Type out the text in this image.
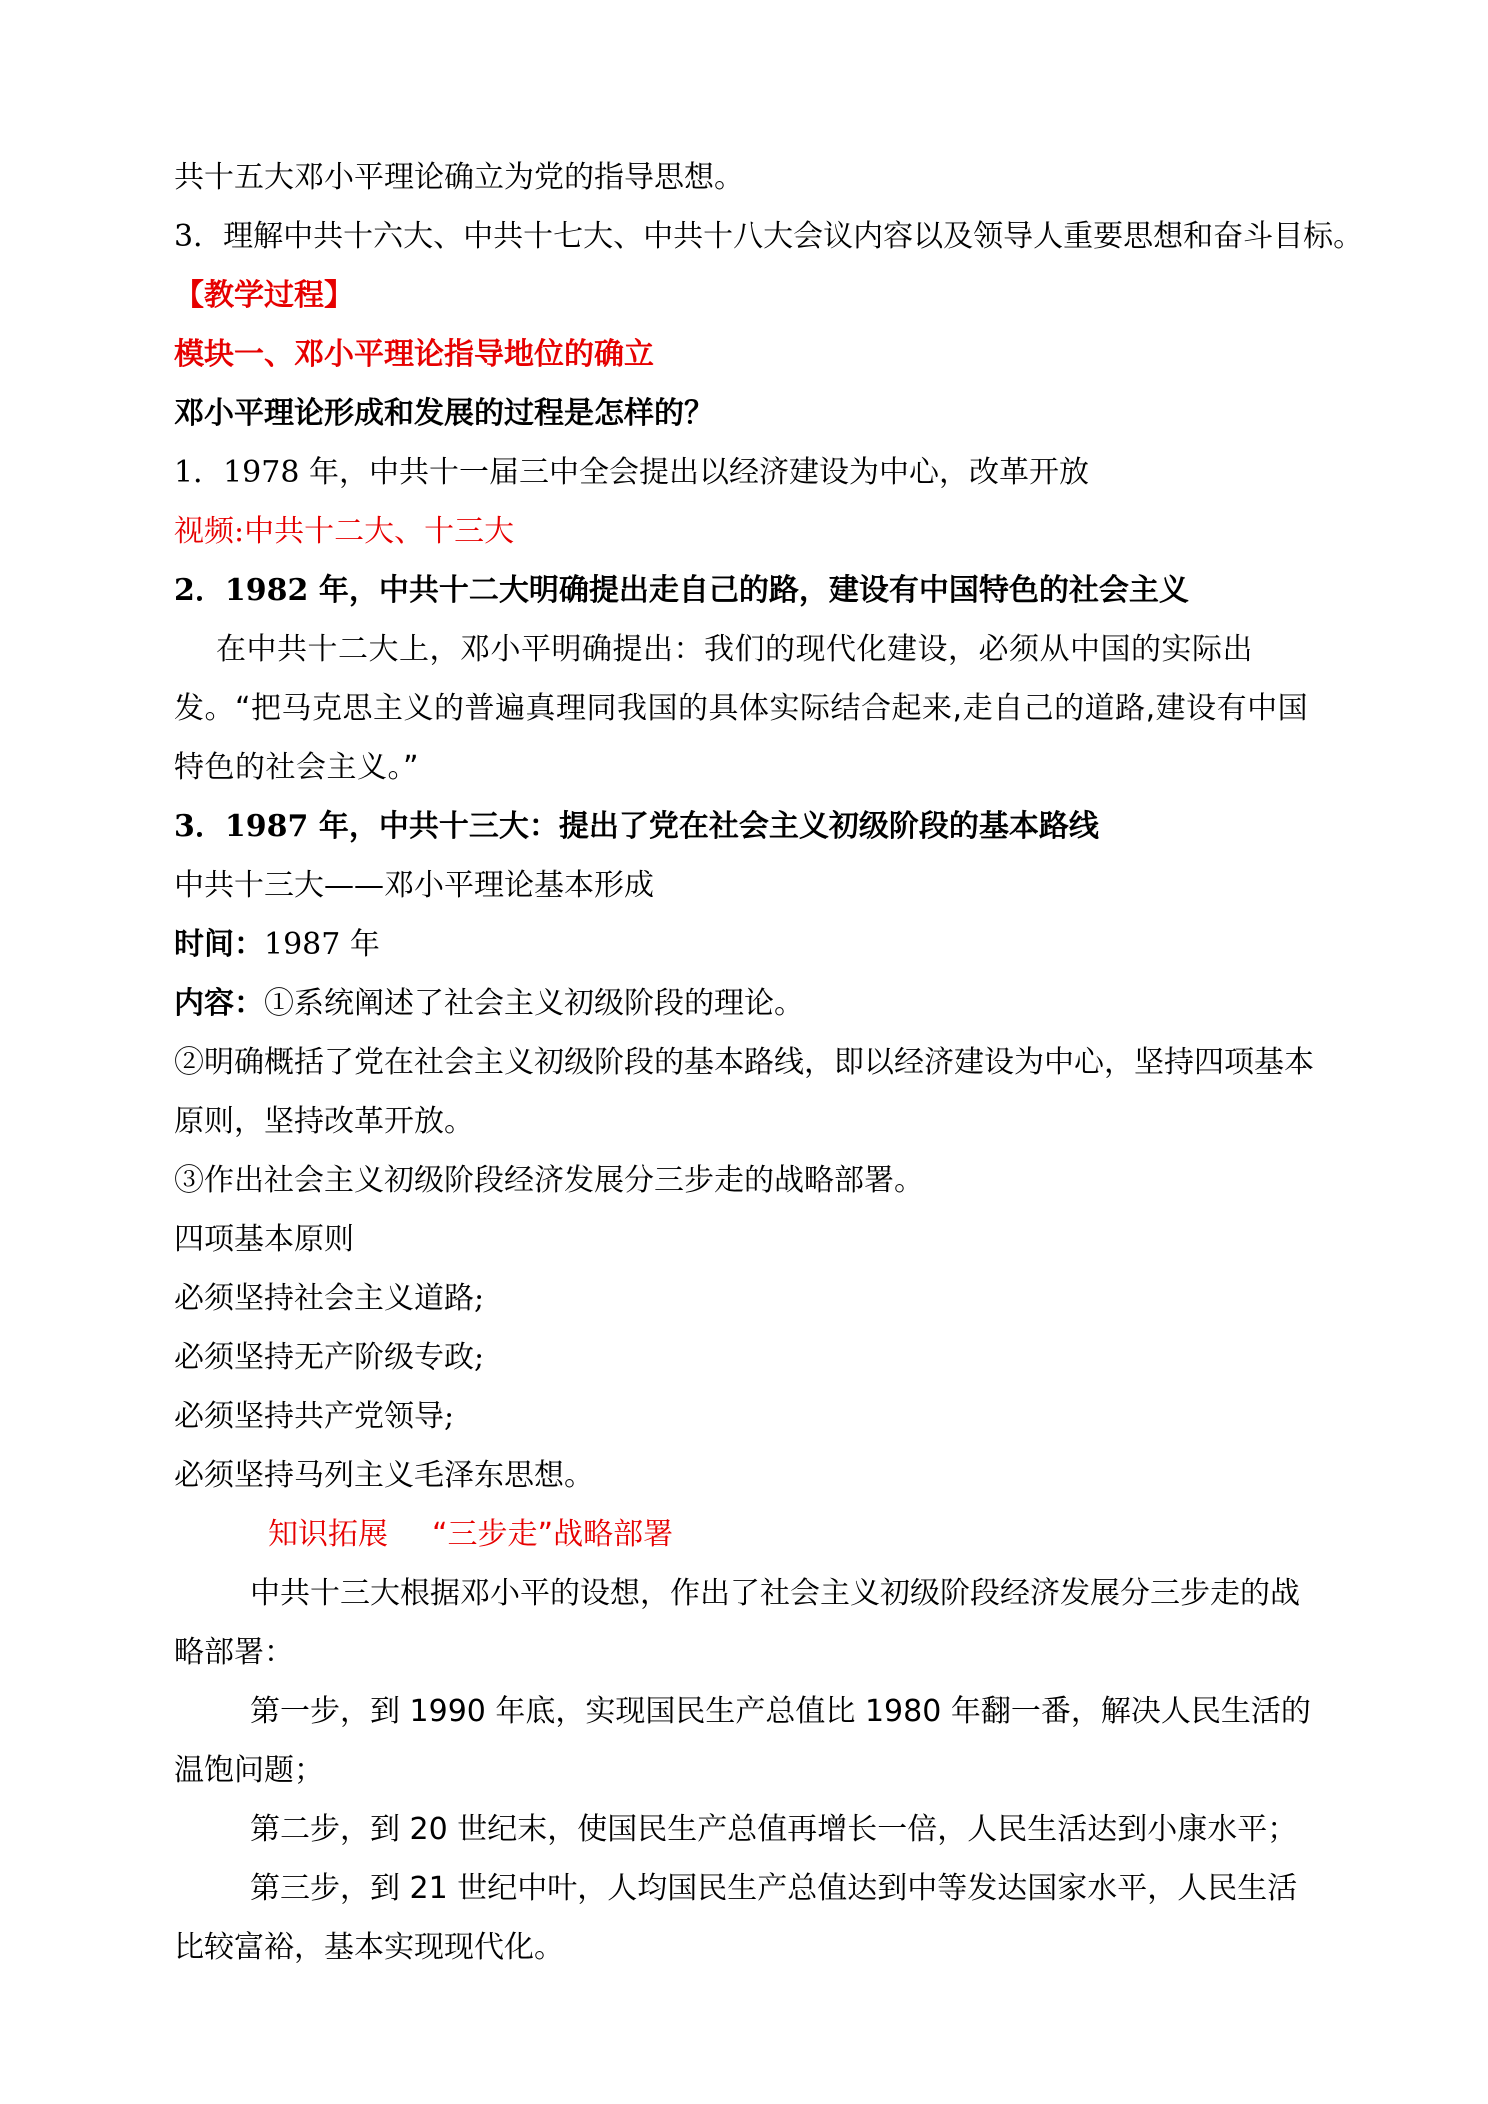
共十五大邓小平理论确立为党的指导思想。

3．理解中共十六大、中共十七大、中共十八大会议内容以及领导人重要思想和奋斗目标。

【教学过程】

模块一、邓小平理论指导地位的确立

邓小平理论形成和发展的过程是怎样的？

1．1978 年，中共十一届三中全会提出以经济建设为中心，改革开放

视频:中共十二大、十三大

2．1982 年，中共十二大明确提出走自己的路，建设有中国特色的社会主义

在中共十二大上，邓小平明确提出：我们的现代化建设，必须从中国的实际出发。“把马克思主义的普遍真理同我国的具体实际结合起来,走自己的道路,建设有中国特色的社会主义。”

3．1987 年，中共十三大：提出了党在社会主义初级阶段的基本路线

中共十三大——邓小平理论基本形成

时间：1987 年

内容：①系统阐述了社会主义初级阶段的理论。

②明确概括了党在社会主义初级阶段的基本路线，即以经济建设为中心，坚持四项基本原则，坚持改革开放。

③作出社会主义初级阶段经济发展分三步走的战略部署。

四项基本原则

必须坚持社会主义道路;

必须坚持无产阶级专政;

必须坚持共产党领导;

必须坚持马列主义毛泽东思想。

知识拓展 “三步走”战略部署

中共十三大根据邓小平的设想，作出了社会主义初级阶段经济发展分三步走的战略部署：

第一步，到 1990 年底，实现国民生产总值比 1980 年翻一番，解决人民生活的温饱问题；

第二步，到 20 世纪末，使国民生产总值再增长一倍，人民生活达到小康水平；

第三步，到 21 世纪中叶，人均国民生产总值达到中等发达国家水平，人民生活比较富裕，基本实现现代化。
